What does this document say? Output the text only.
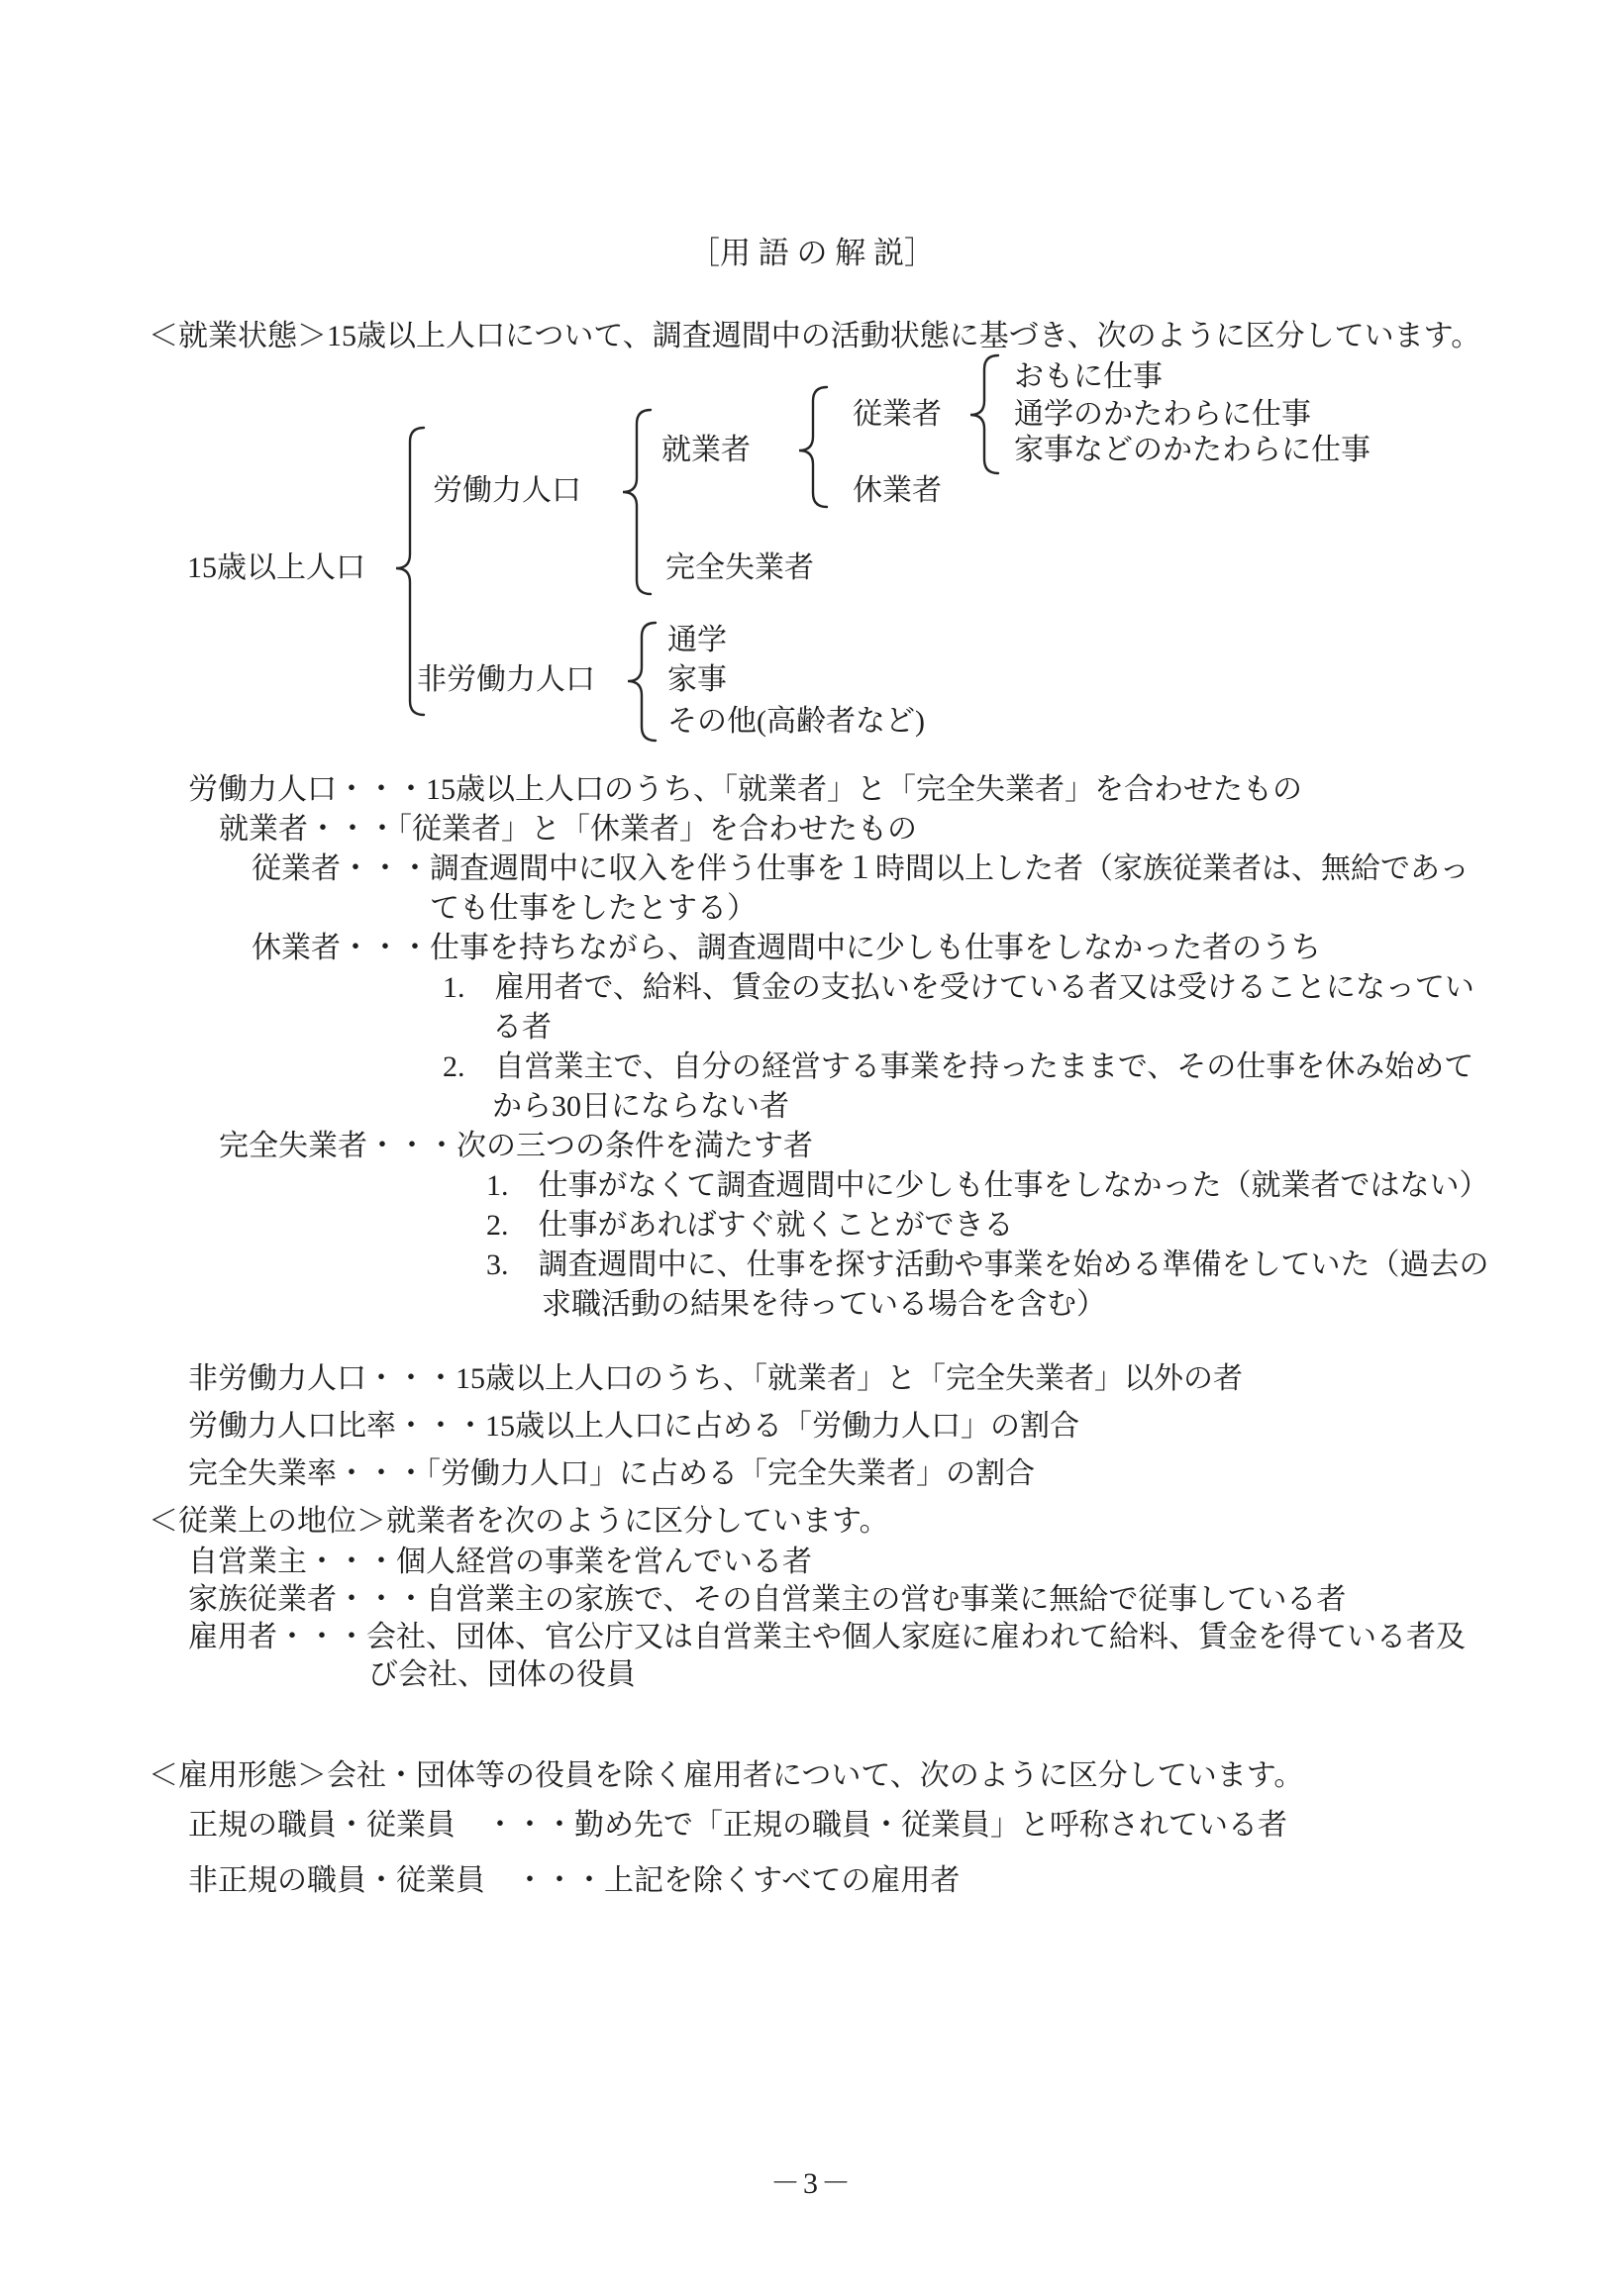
［用 語 の 解 説］
＜就業状態＞15歳以上人口について、調査週間中の活動状態に基づき、次のように区分しています。
15歳以上人口
労働力人口
非労働力人口
就業者
完全失業者
通学
家事
その他(高齢者など)
従業者
休業者
おもに仕事
通学のかたわらに仕事
家事などのかたわらに仕事
労働力人口・・・15歳以上人口のうち、「就業者」と「完全失業者」を合わせたもの
就業者・・・「従業者」と「休業者」を合わせたもの
従業者・・・調査週間中に収入を伴う仕事を１時間以上した者（家族従業者は、無給であっ
ても仕事をしたとする）
休業者・・・仕事を持ちながら、調査週間中に少しも仕事をしなかった者のうち
1.　雇用者で、給料、賃金の支払いを受けている者又は受けることになってい
る者
2.　自営業主で、自分の経営する事業を持ったままで、その仕事を休み始めて
から30日にならない者
完全失業者・・・次の三つの条件を満たす者
1.　仕事がなくて調査週間中に少しも仕事をしなかった（就業者ではない）
2.　仕事があればすぐ就くことができる
3.　調査週間中に、仕事を探す活動や事業を始める準備をしていた（過去の
求職活動の結果を待っている場合を含む）
非労働力人口・・・15歳以上人口のうち、「就業者」と「完全失業者」以外の者
労働力人口比率・・・15歳以上人口に占める「労働力人口」の割合
完全失業率・・・「労働力人口」に占める「完全失業者」の割合
＜従業上の地位＞就業者を次のように区分しています。
自営業主・・・個人経営の事業を営んでいる者
家族従業者・・・自営業主の家族で、その自営業主の営む事業に無給で従事している者
雇用者・・・会社、団体、官公庁又は自営業主や個人家庭に雇われて給料、賃金を得ている者及
び会社、団体の役員
＜雇用形態＞会社・団体等の役員を除く雇用者について、次のように区分しています。
正規の職員・従業員　・・・勤め先で「正規の職員・従業員」と呼称されている者
非正規の職員・従業員　・・・上記を除くすべての雇用者
－3－
